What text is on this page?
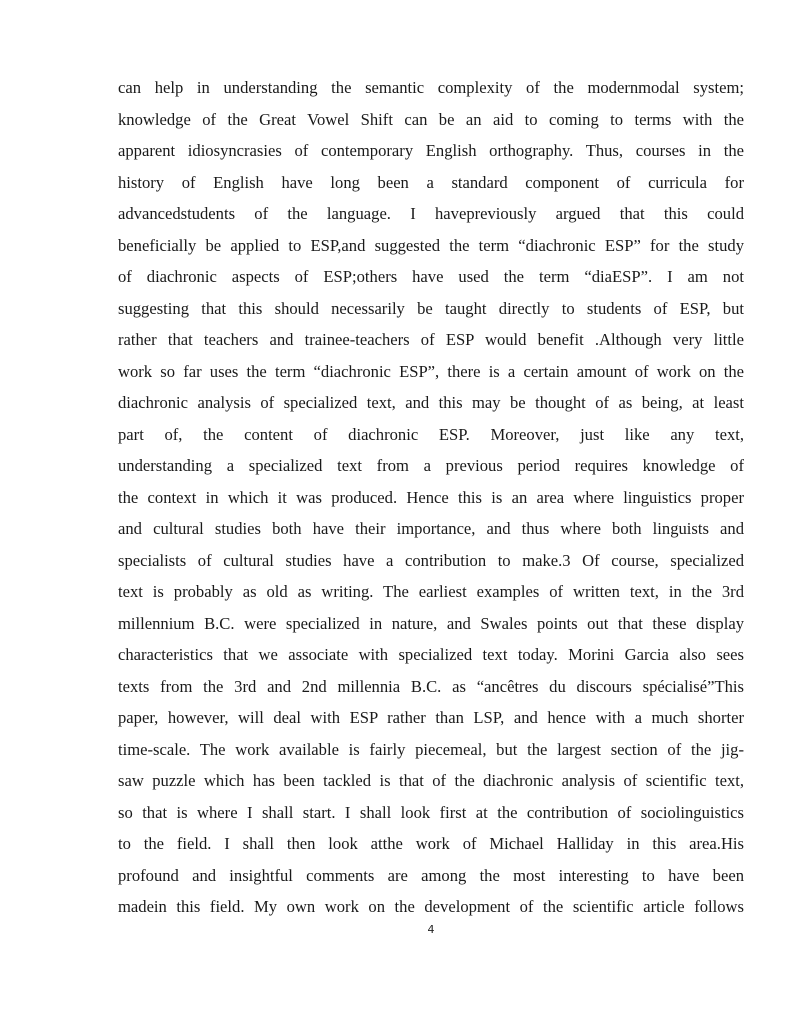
can help in understanding the semantic complexity of the modernmodal system;
knowledge of the Great Vowel Shift can be an aid to coming to terms with the
apparent idiosyncrasies of contemporary English orthography. Thus, courses in the
history of English have long been a standard component of curricula for
advancedstudents of the language. I havepreviously argued that this could
beneficially be applied to ESP,and suggested the term “diachronic ESP” for the study
of diachronic aspects of ESP;others have used the term “diaESP”. I am not
suggesting that this should necessarily be taught directly to students of ESP, but
rather that teachers and trainee-teachers of ESP would benefit .Although very little
work so far uses the term “diachronic ESP”, there is a certain amount of work on the
diachronic analysis of specialized text, and this may be thought of as being, at least
part of, the content of diachronic ESP. Moreover, just like any text,
understanding a specialized text from a previous period requires knowledge of
the context in which it was produced. Hence this is an area where linguistics proper
and cultural studies both have their importance, and thus where both linguists and
specialists of cultural studies have a contribution to make.3 Of course, specialized
text is probably as old as writing. The earliest examples of written text, in the 3rd
millennium B.C. were specialized in nature, and Swales points out that these display
characteristics that we associate with specialized text today. Morini Garcia also sees
texts from the 3rd and 2nd millennia B.C. as “ancêtres du discours spécialisé”This
paper, however, will deal with ESP rather than LSP, and hence with a much shorter
time-scale. The work available is fairly piecemeal, but the largest section of the jig-
saw puzzle which has been tackled is that of the diachronic analysis of scientific text,
so that is where I shall start. I shall look first at the contribution of sociolinguistics
to the field. I shall then look atthe work of Michael Halliday in this area.His
profound and insightful comments are among the most interesting to have been
madein this field. My own work on the development of the scientific article follows
4
